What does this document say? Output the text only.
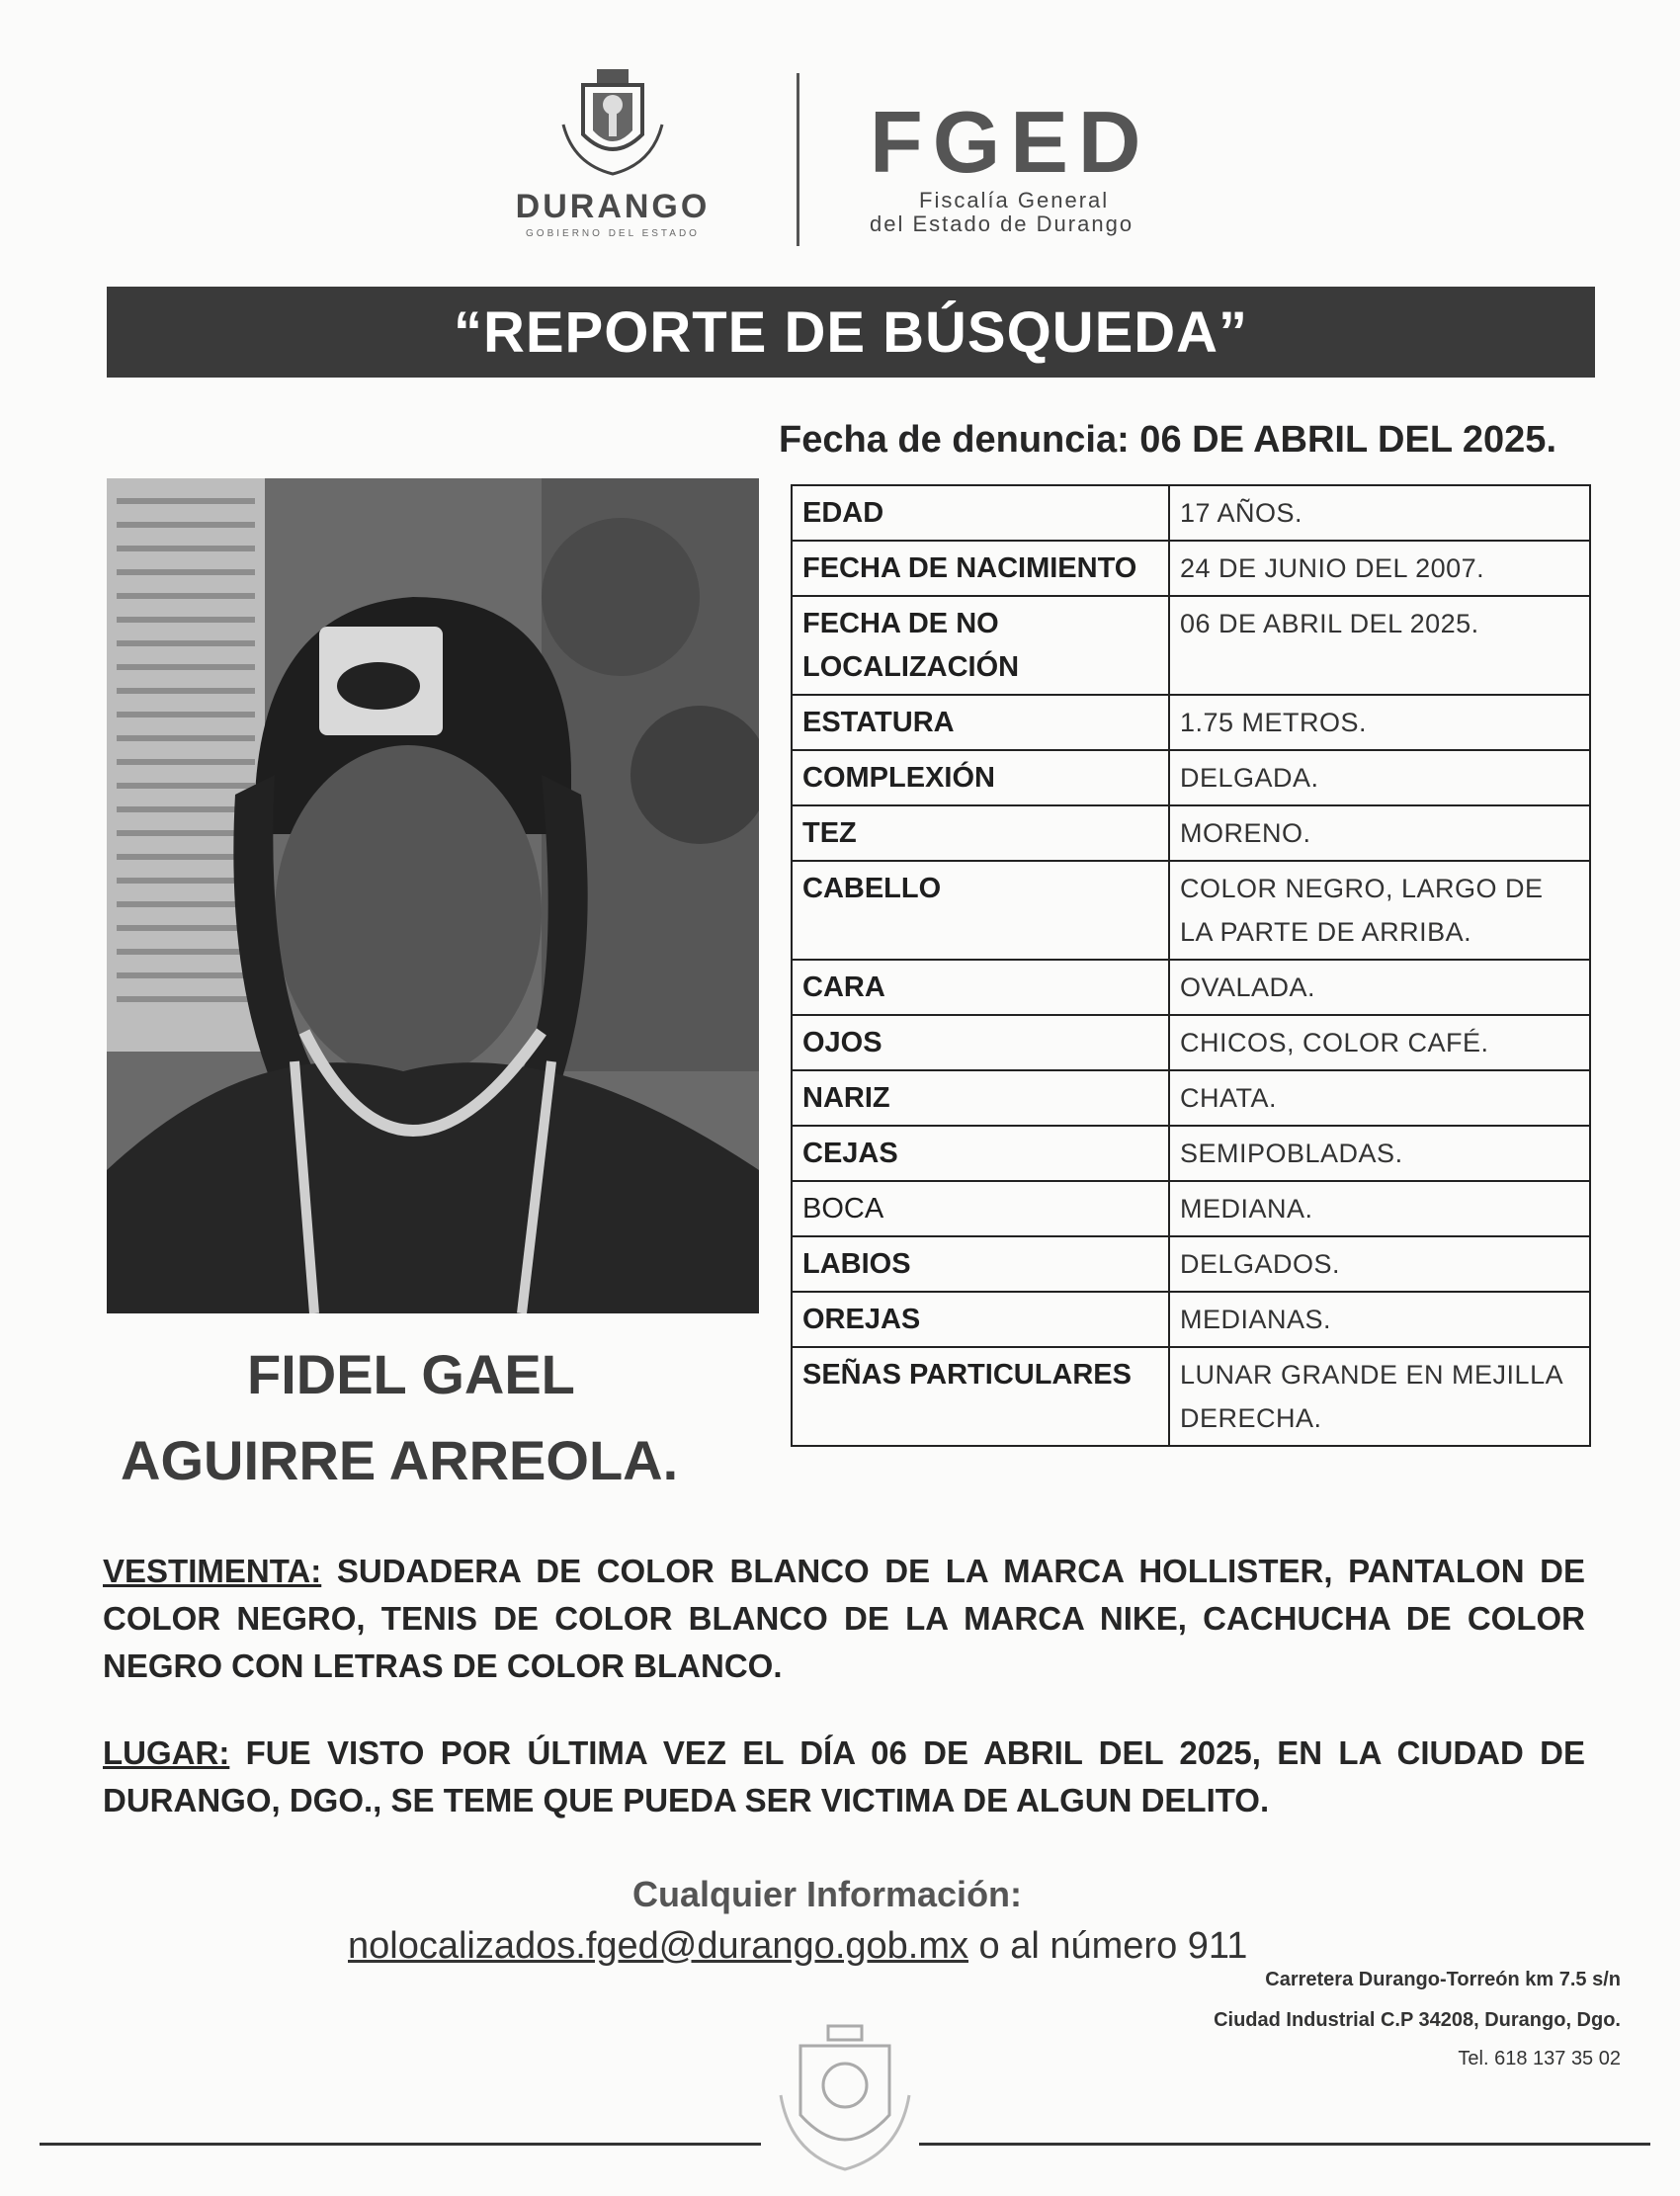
DURANGO
GOBIERNO DEL ESTADO
FGED
Fiscalía General
del Estado de Durango
“REPORTE DE BÚSQUEDA”
Fecha de denuncia: 06 DE ABRIL DEL 2025.
EDAD	17 AÑOS.
FECHA DE NACIMIENTO	24 DE JUNIO DEL 2007.
FECHA DE NO LOCALIZACIÓN	06 DE ABRIL DEL 2025.
ESTATURA	1.75 METROS.
COMPLEXIÓN	DELGADA.
TEZ	MORENO.
CABELLO	COLOR NEGRO, LARGO DE LA PARTE DE ARRIBA.
CARA	OVALADA.
OJOS	CHICOS, COLOR CAFÉ.
NARIZ	CHATA.
CEJAS	SEMIPOBLADAS.
BOCA	MEDIANA.
LABIOS	DELGADOS.
OREJAS	MEDIANAS.
SEÑAS PARTICULARES	LUNAR GRANDE EN MEJILLA DERECHA.
FIDEL GAEL
AGUIRRE ARREOLA.
VESTIMENTA: SUDADERA DE COLOR BLANCO DE LA MARCA HOLLISTER, PANTALON DE COLOR NEGRO, TENIS DE COLOR BLANCO DE LA MARCA NIKE, CACHUCHA DE COLOR NEGRO CON LETRAS DE COLOR BLANCO.
LUGAR: FUE VISTO POR ÚLTIMA VEZ EL DÍA 06 DE ABRIL DEL 2025, EN LA CIUDAD DE DURANGO, DGO., SE TEME QUE PUEDA SER VICTIMA DE ALGUN DELITO.
Cualquier Información:
nolocalizados.fged@durango.gob.mx o al número 911
Carretera Durango-Torreón km 7.5 s/n
Ciudad Industrial C.P 34208, Durango, Dgo.
Tel. 618 137 35 02
